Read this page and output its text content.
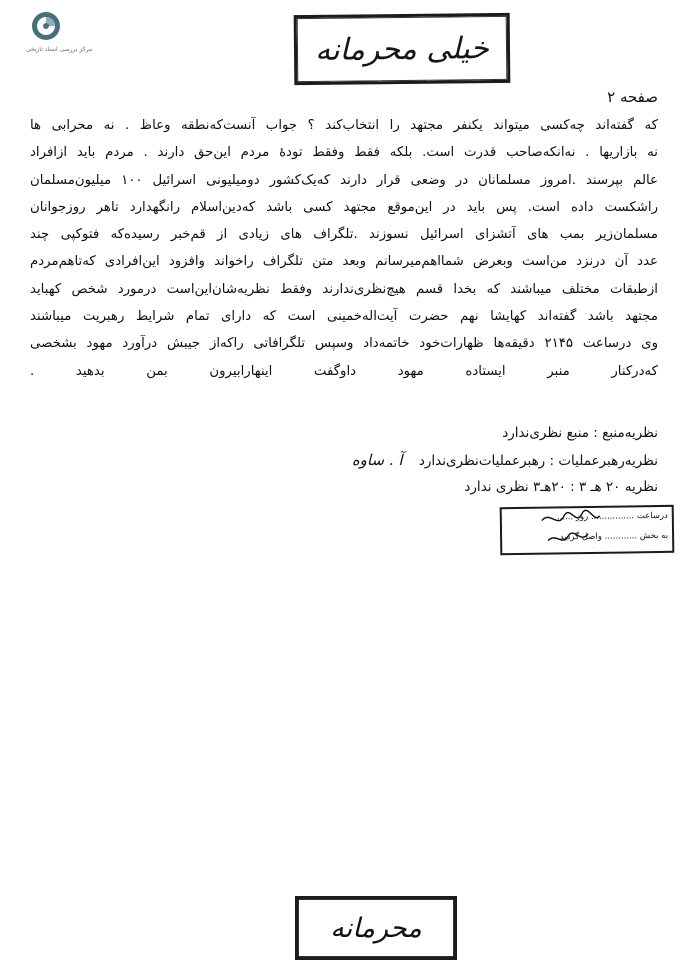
مرکز بررسی اسناد تاریخی	خیلی محرمانه
صفحه ۲
که گفته‌اند چه‌کسی میتواند یکنفر مجتهد را انتخاب‌کند ؟ جواب آنست‌که‌نطقه وعاظ . نه محرابی ها
نه بازاریها . نه‌انکه‌صاحب قدرت است. بلکه فقط وفقط تودهٔ مردم این‌حق دارند . مردم باید ازافراد
عالم بپرسند .امروز مسلمانان در وضعی قرار دارند که‌یک‌کشور دومیلیونی اسرائیل ۱۰۰ میلیون‌مسلمان
راشکست داده است. پس باید در این‌موقع مجتهد کسی باشد که‌دین‌اسلام رانگهدارد تاهر روزجوانان
مسلمان‌زیر بمب های آتشزای اسرائیل نسوزند .تلگراف های زیادی از قم‌خبر رسیده‌که فتوکپی چند
عدد آن درنزد من‌است وبعرض شمااهم‌میرسانم وبعد متن تلگراف راخواند وافزود این‌افرادی که‌تاهم‌مردم
ازطبقات مختلف میباشند که بخدا قسم هیچ‌نظری‌ندارند وفقط نظریه‌شان‌این‌است درمورد شخص کهباید
مجتهد باشد گفته‌اند کهایشا نهم حضرت آیت‌اله‌خمینی است که دارای تمام شرایط رهبریت میباشند
وی درساعت ۲۱۴۵ دقیقه‌ها ظهارات‌خود خاتمه‌داد وسپس تلگرافاتی راکه‌از جیبش درآورد مهود بشخصی
که‌درکنار منبر ایستاده مهود داوگفت اینهارابیرون بمن بدهید .
نظریه‌منبع : منبع نظری‌ندارد
نظریه‌رهبرعملیات : رهبرعملیات‌نظری‌ندارد آ . ساوه
نظریه ۲۰ هـ ۳ : ۲۰هـ۳ نظری ندارد
درساعت ................ روز ......
به بخش ............ واصل گردید
محرمانه
